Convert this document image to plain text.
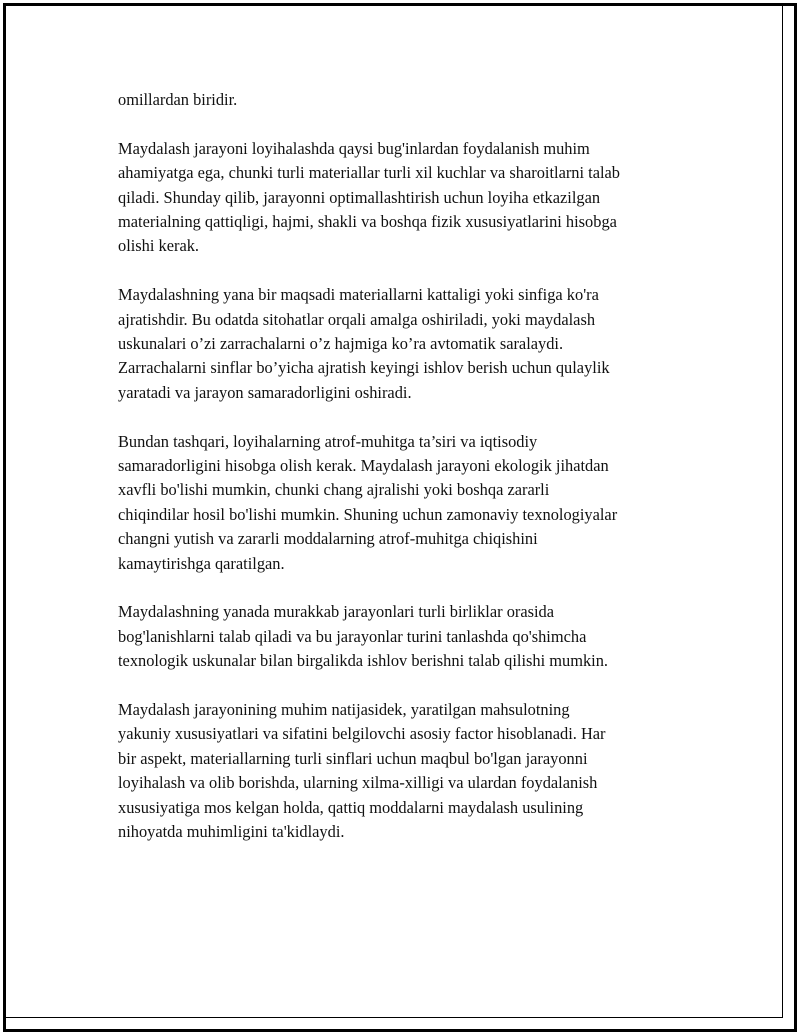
omillardan biridir.

Maydalash jarayoni loyihalashda qaysi bug'inlardan foydalanish muhim
ahamiyatga ega, chunki turli materiallar turli xil kuchlar va sharoitlarni talab
qiladi. Shunday qilib, jarayonni optimallashtirish uchun loyiha etkazilgan
materialning qattiqligi, hajmi, shakli va boshqa fizik xususiyatlarini hisobga
olishi kerak.

Maydalashning yana bir maqsadi materiallarni kattaligi yoki sinfiga ko'ra
ajratishdir. Bu odatda sitohatlar orqali amalga oshiriladi, yoki maydalash
uskunalari o’zi zarrachalarni o’z hajmiga ko’ra avtomatik saralaydi.
Zarrachalarni sinflar bo’yicha ajratish keyingi ishlov berish uchun qulaylik
yaratadi va jarayon samaradorligini oshiradi.

Bundan tashqari, loyihalarning atrof-muhitga ta’siri va iqtisodiy
samaradorligini hisobga olish kerak. Maydalash jarayoni ekologik jihatdan
xavfli bo'lishi mumkin, chunki chang ajralishi yoki boshqa zararli
chiqindilar hosil bo'lishi mumkin. Shuning uchun zamonaviy texnologiyalar
changni yutish va zararli moddalarning atrof-muhitga chiqishini
kamaytirishga qaratilgan.

Maydalashning yanada murakkab jarayonlari turli birliklar orasida
bog'lanishlarni talab qiladi va bu jarayonlar turini tanlashda qo'shimcha
texnologik uskunalar bilan birgalikda ishlov berishni talab qilishi mumkin.

Maydalash jarayonining muhim natijasidek, yaratilgan mahsulotning
yakuniy xususiyatlari va sifatini belgilovchi asosiy factor hisoblanadi. Har
bir aspekt, materiallarning turli sinflari uchun maqbul bo'lgan jarayonni
loyihalash va olib borishda, ularning xilma-xilligi va ulardan foydalanish
xususiyatiga mos kelgan holda, qattiq moddalarni maydalash usulining
nihoyatda muhimligini ta'kidlaydi.
